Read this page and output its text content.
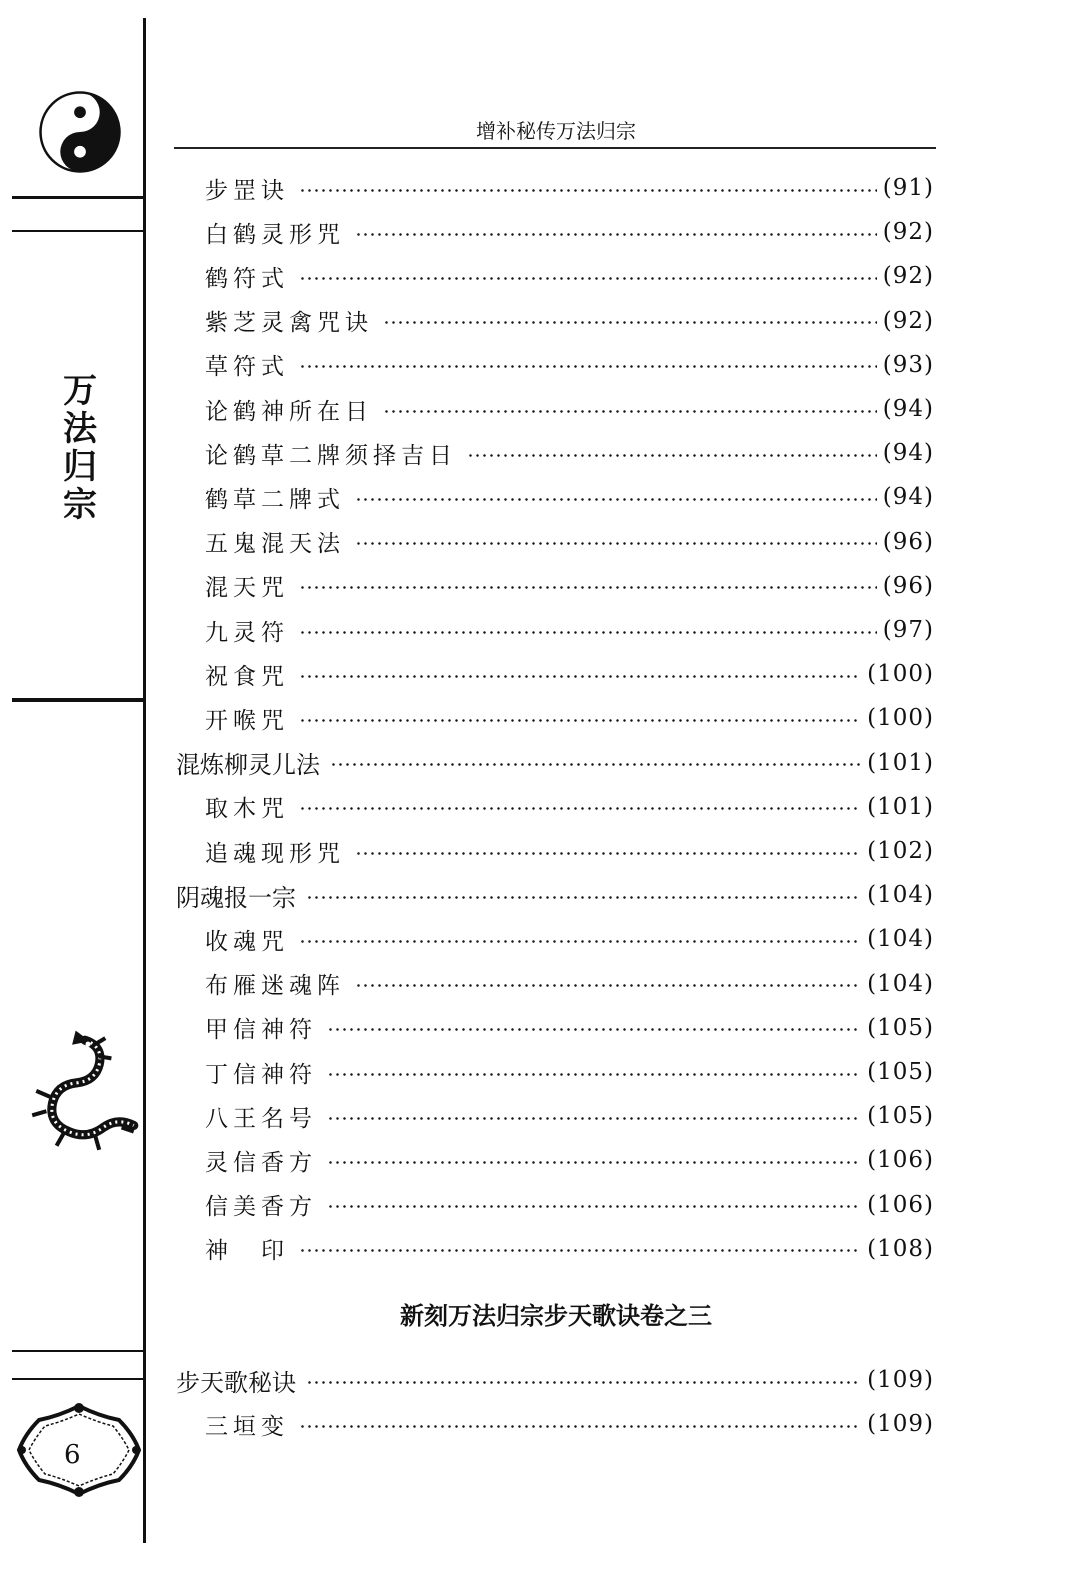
万
法
归
宗
6
增补秘传万法归宗
步罡诀	(91)
白鹤灵形咒	(92)
鹤符式	(92)
紫芝灵禽咒诀	(92)
草符式	(93)
论鹤神所在日	(94)
论鹤草二牌须择吉日	(94)
鹤草二牌式	(94)
五鬼混天法	(96)
混天咒	(96)
九灵符	(97)
祝食咒	(100)
开喉咒	(100)
混炼柳灵儿法	(101)
取木咒	(101)
追魂现形咒	(102)
阴魂报一宗	(104)
收魂咒	(104)
布雁迷魂阵	(104)
甲信神符	(105)
丁信神符	(105)
八王名号	(105)
灵信香方	(106)
信美香方	(106)
神　印	(108)
新刻万法归宗步天歌诀卷之三
步天歌秘诀	(109)
三垣变	(109)
